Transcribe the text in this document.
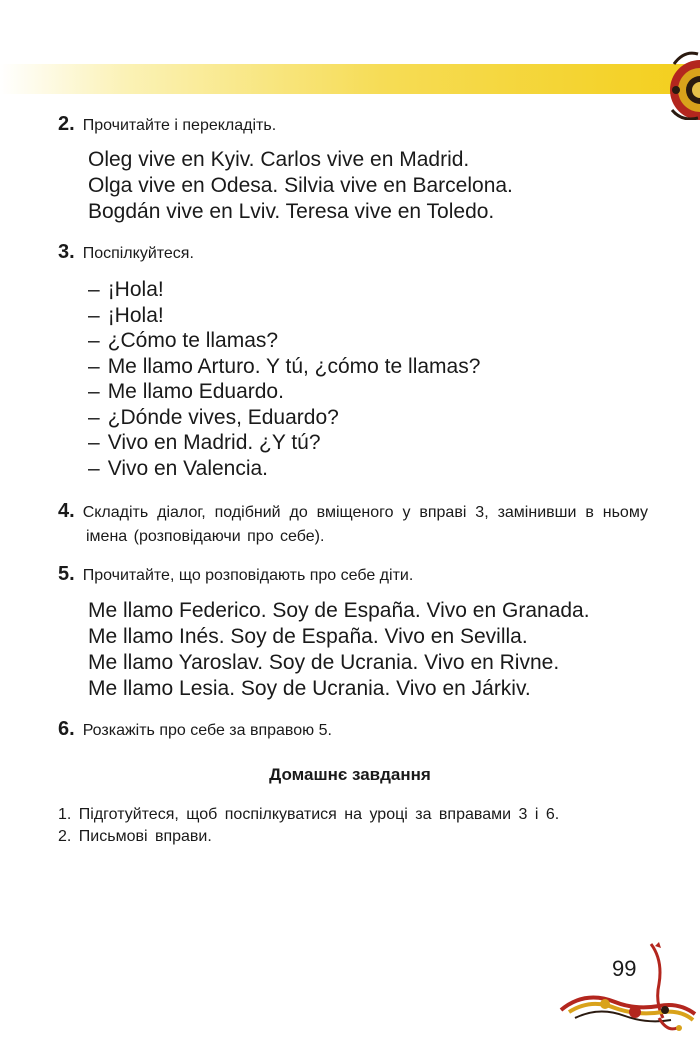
2. Прочитайте і перекладіть.
Oleg vive en Kyiv. Carlos vive en Madrid.
Olga vive en Odesa. Silvia vive en Barcelona.
Bogdán vive en Lviv. Teresa vive en Toledo.
3. Поспілкуйтеся.
– ¡Hola!
– ¡Hola!
– ¿Cómo te llamas?
– Me llamo Arturo. Y tú, ¿cómo te llamas?
– Me llamo Eduardo.
– ¿Dónde vives, Eduardo?
– Vivo en Madrid. ¿Y tú?
– Vivo en Valencia.
4. Складіть діалог, подібний до вміщеного у вправі 3, замінивши в ньому імена (розповідаючи про себе).
5. Прочитайте, що розповідають про себе діти.
Me llamo Federico. Soy de España. Vivo en Granada.
Me llamo Inés. Soy de España. Vivo en Sevilla.
Me llamo Yaroslav. Soy de Ucrania. Vivo en Rivne.
Me llamo Lesia. Soy de Ucrania. Vivo en Járkiv.
6. Розкажіть про себе за вправою 5.
Домашнє завдання
1. Підготуйтеся, щоб поспілкуватися на уроці за вправами 3 і 6.
2. Письмові вправи.
99
